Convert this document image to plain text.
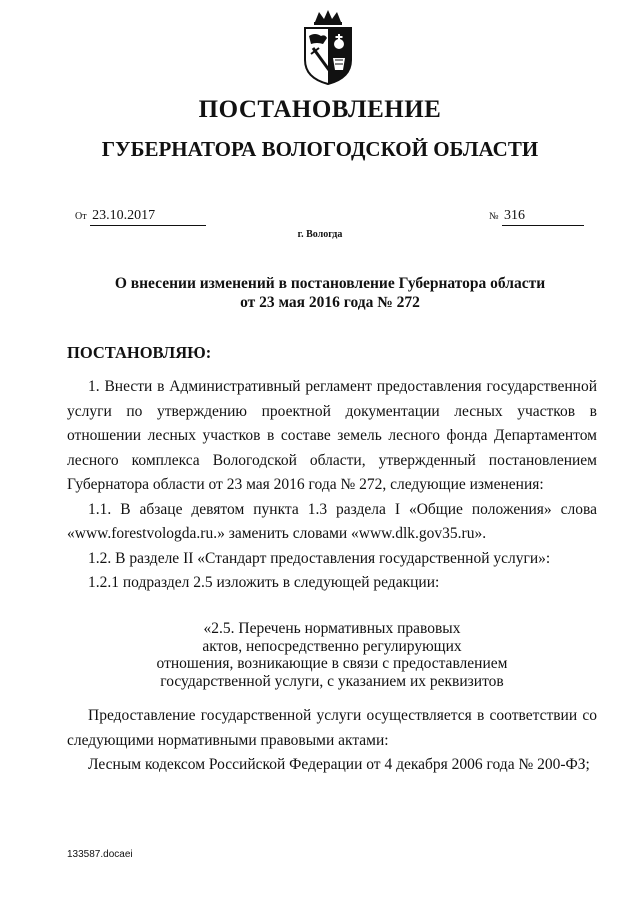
ПОСТАНОВЛЕНИЕ
ГУБЕРНАТОРА ВОЛОГОДСКОЙ ОБЛАСТИ
От 23.10.2017	№ 316
г. Вологда
О внесении изменений в постановление Губернатора области
от 23 мая 2016 года № 272
ПОСТАНОВЛЯЮ:

1. Внести в Административный регламент предоставления государственной услуги по утверждению проектной документации лесных участков в отношении лесных участков в составе земель лесного фонда Департаментом лесного комплекса Вологодской области, утвержденный постановлением Губернатора области от 23 мая 2016 года № 272, следующие изменения:

1.1. В абзаце девятом пункта 1.3 раздела I «Общие положения» слова «www.forestvologda.ru.» заменить словами «www.dlk.gov35.ru».

1.2. В разделе II «Стандарт предоставления государственной услуги»:

1.2.1 подраздел 2.5 изложить в следующей редакции:

«2.5. Перечень нормативных правовых
актов, непосредственно регулирующих
отношения, возникающие в связи с предоставлением
государственной услуги, с указанием их реквизитов

Предоставление государственной услуги осуществляется в соответствии со следующими нормативными правовыми актами:

Лесным кодексом Российской Федерации от 4 декабря 2006 года № 200-ФЗ;

133587.docaei
